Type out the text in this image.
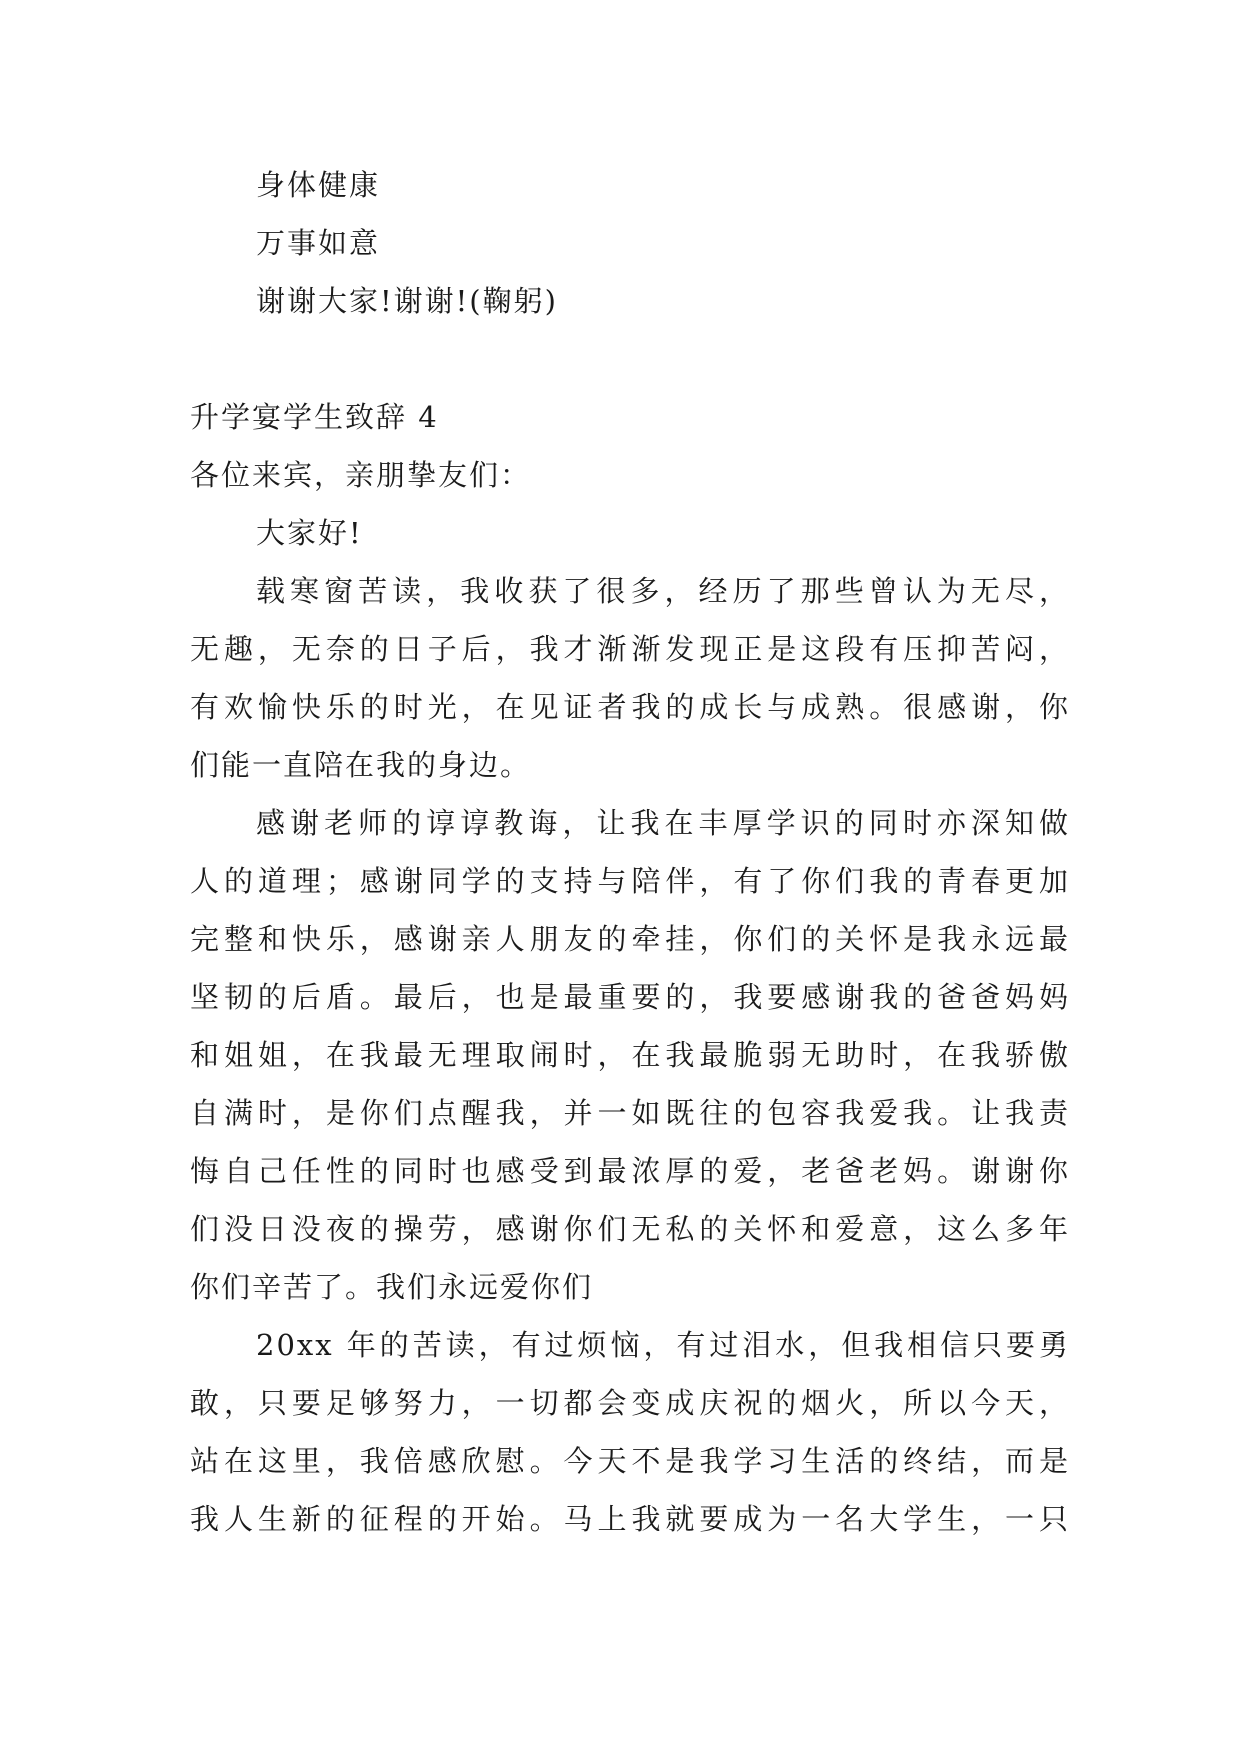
身体健康
万事如意
谢谢大家!谢谢!(鞠躬)
升学宴学生致辞 4
各位来宾，亲朋挚友们：
大家好!
载寒窗苦读，我收获了很多，经历了那些曾认为无尽，
无趣，无奈的日子后，我才渐渐发现正是这段有压抑苦闷，
有欢愉快乐的时光，在见证者我的成长与成熟。很感谢，你
们能一直陪在我的身边。
感谢老师的谆谆教诲，让我在丰厚学识的同时亦深知做
人的道理；感谢同学的支持与陪伴，有了你们我的青春更加
完整和快乐，感谢亲人朋友的牵挂，你们的关怀是我永远最
坚韧的后盾。最后，也是最重要的，我要感谢我的爸爸妈妈
和姐姐，在我最无理取闹时，在我最脆弱无助时，在我骄傲
自满时，是你们点醒我，并一如既往的包容我爱我。让我责
悔自己任性的同时也感受到最浓厚的爱，老爸老妈。谢谢你
们没日没夜的操劳，感谢你们无私的关怀和爱意，这么多年
你们辛苦了。我们永远爱你们
20xx 年的苦读，有过烦恼，有过泪水，但我相信只要勇
敢，只要足够努力，一切都会变成庆祝的烟火，所以今天，
站在这里，我倍感欣慰。今天不是我学习生活的终结，而是
我人生新的征程的开始。马上我就要成为一名大学生，一只
